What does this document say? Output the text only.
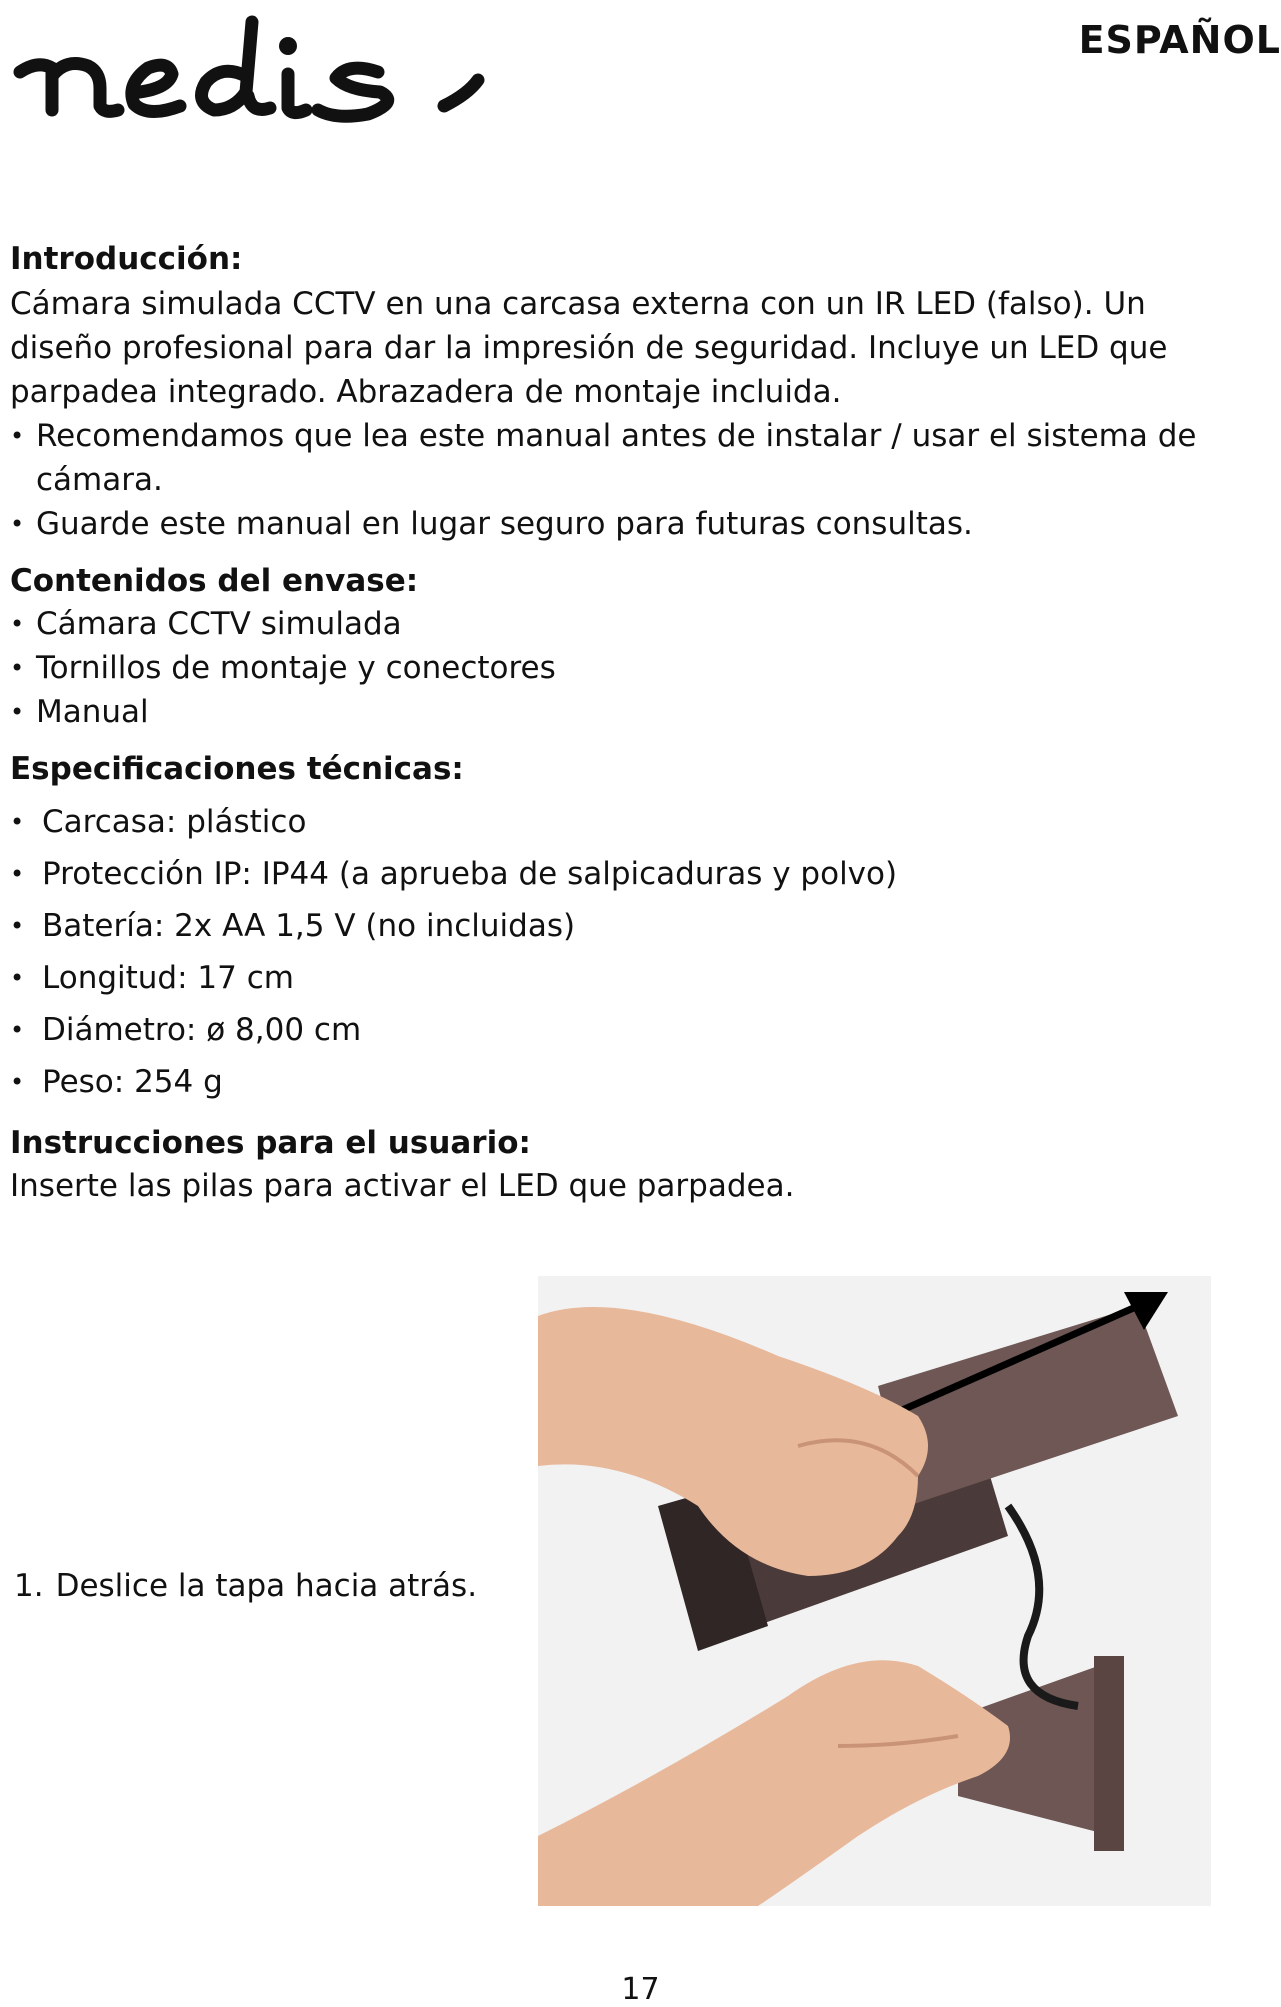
ESPAÑOL
Introducción:

Cámara simulada CCTV en una carcasa externa con un IR LED (falso). Un diseño profesional para dar la impresión de seguridad. Incluye un LED que parpadea integrado. Abrazadera de montaje incluida.

• Recomendamos que lea este manual antes de instalar / usar el sistema de cámara.
• Guarde este manual en lugar seguro para futuras consultas.
Contenidos del envase:
• Cámara CCTV simulada
• Tornillos de montaje y conectores
• Manual
Especificaciones técnicas:
• Carcasa: plástico
• Protección IP: IP44 (a aprueba de salpicaduras y polvo)
• Batería: 2x AA 1,5 V (no incluidas)
• Longitud: 17 cm
• Diámetro: ø 8,00 cm
• Peso: 254 g
Instrucciones para el usuario:

Inserte las pilas para activar el LED que parpadea.

1. Deslice la tapa hacia atrás.
17
